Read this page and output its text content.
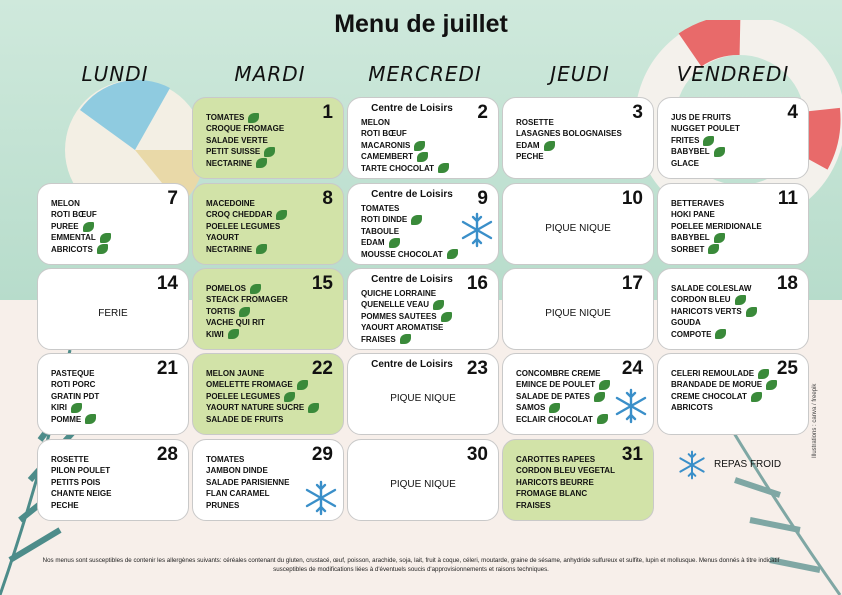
Menu de juillet
LUNDI	MARDI	MERCREDI	JEUDI	VENDREDI
1
TOMATES
CROQUE FROMAGE
SALADE VERTE
PETIT SUISSE
NECTARINE
Centre de Loisirs	2
MELON
ROTI BŒUF
MACARONIS
CAMEMBERT
TARTE CHOCOLAT
3
ROSETTE
LASAGNES BOLOGNAISES
EDAM
PECHE
4
JUS DE FRUITS
NUGGET POULET
FRITES
BABYBEL
GLACE
7
MELON
ROTI BŒUF
PUREE
EMMENTAL
ABRICOTS
8
MACEDOINE
CROQ CHEDDAR
POELEE LEGUMES
YAOURT
NECTARINE
Centre de Loisirs	9
TOMATES
ROTI DINDE
TABOULE
EDAM
MOUSSE CHOCOLAT
10
PIQUE NIQUE
11
BETTERAVES
HOKI PANE
POELEE MERIDIONALE
BABYBEL
SORBET
14
FERIE
15
POMELOS
STEACK FROMAGER
TORTIS
VACHE QUI RIT
KIWI
Centre de Loisirs 16
QUICHE LORRAINE
QUENELLE VEAU
POMMES SAUTEES
YAOURT AROMATISE
FRAISES
17
PIQUE NIQUE
18
SALADE COLESLAW
CORDON BLEU
HARICOTS VERTS
GOUDA
COMPOTE
21
PASTEQUE
ROTI PORC
GRATIN PDT
KIRI
POMME
22
MELON JAUNE
OMELETTE FROMAGE
POELEE LEGUMES
YAOURT NATURE SUCRE
SALADE DE FRUITS
Centre de Loisirs 23
PIQUE NIQUE
24
CONCOMBRE CREME
EMINCE DE POULET
SALADE DE PATES
SAMOS
ECLAIR CHOCOLAT
25
CELERI REMOULADE
BRANDADE DE MORUE
CREME CHOCOLAT
ABRICOTS
28
ROSETTE
PILON POULET
PETITS POIS
CHANTE NEIGE
PECHE
29
TOMATES
JAMBON DINDE
SALADE PARISIENNE
FLAN CARAMEL
PRUNES
30
PIQUE NIQUE
31
CAROTTES RAPEES
CORDON BLEU VEGETAL
HARICOTS BEURRE
FROMAGE BLANC
FRAISES
REPAS FROID
Illustrations : canva / freepik
Nos menus sont susceptibles de contenir les allergènes suivants: céréales contenant du gluten, crustacé, œuf, poisson, arachide, soja, lait, fruit à coque, céleri, moutarde, graine de sésame, anhydride sulfureux et sulfite, lupin et mollusque. Menus donnés à titre indicatif susceptibles de modifications liées à d'éventuels soucis d'approvisionnements et raisons techniques.
